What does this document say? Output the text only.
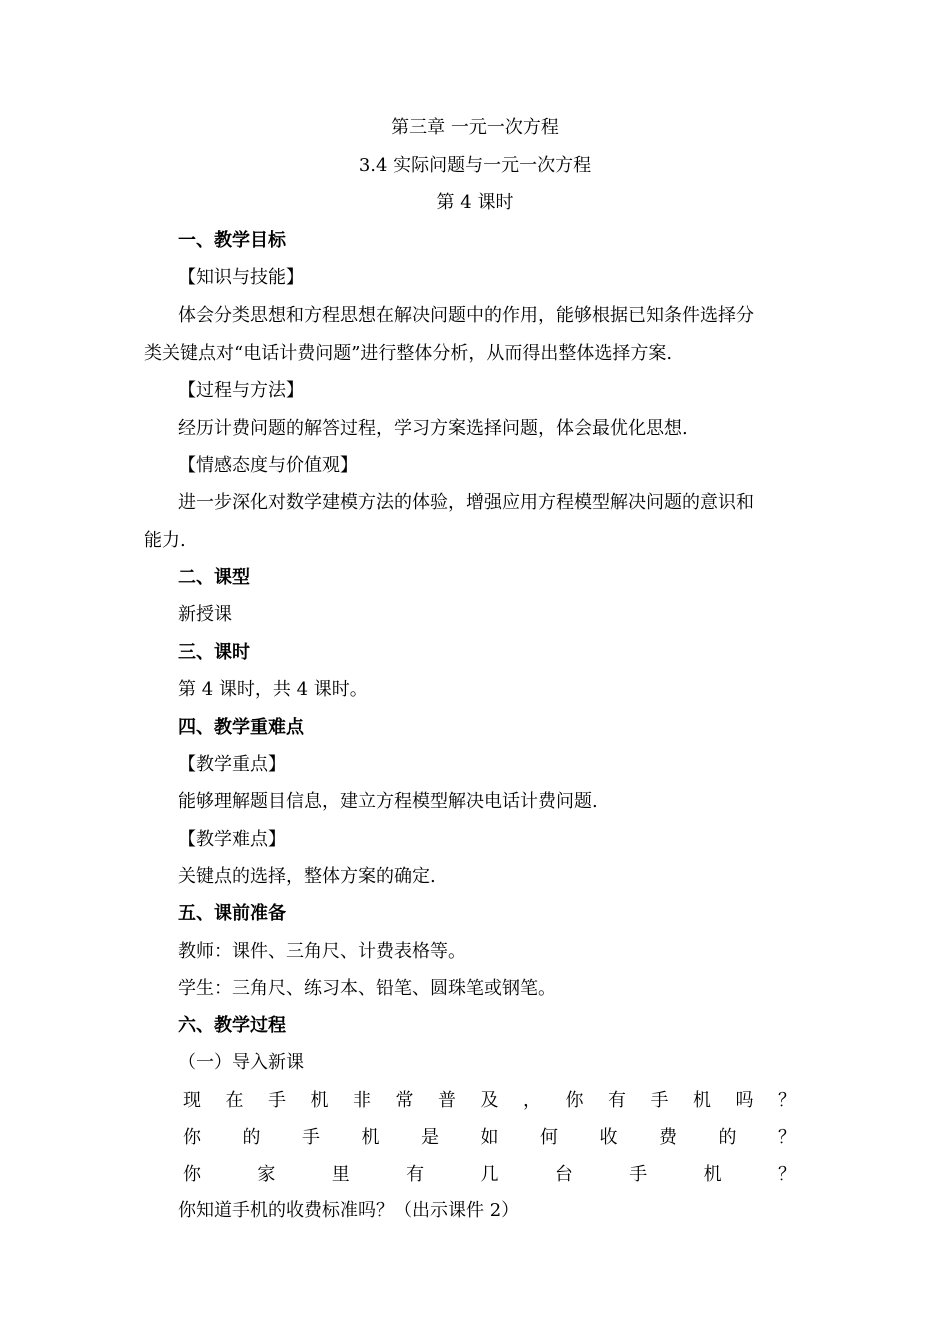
第三章 一元一次方程
3.4 实际问题与一元一次方程
第 4 课时
一、教学目标
【知识与技能】
体会分类思想和方程思想在解决问题中的作用，能够根据已知条件选择分
类关键点对“电话计费问题”进行整体分析，从而得出整体选择方案.
【过程与方法】
经历计费问题的解答过程，学习方案选择问题，体会最优化思想.
【情感态度与价值观】
进一步深化对数学建模方法的体验，增强应用方程模型解决问题的意识和
能力.
二、课型
新授课
三、课时
第 4 课时，共 4 课时。
四、教学重难点
【教学重点】
能够理解题目信息，建立方程模型解决电话计费问题.
【教学难点】
关键点的选择，整体方案的确定.
五、课前准备
教师：课件、三角尺、计费表格等。
学生：三角尺、练习本、铅笔、圆珠笔或钢笔。
六、教学过程
（一）导入新课
现 在 手 机 非 常 普 及 ， 你 有 手 机 吗 ？
你 的 手 机 是 如 何 收 费 的 ？
你	家	里	有	几	台	手	机	？
你知道手机的收费标准吗？（出示课件 2）
